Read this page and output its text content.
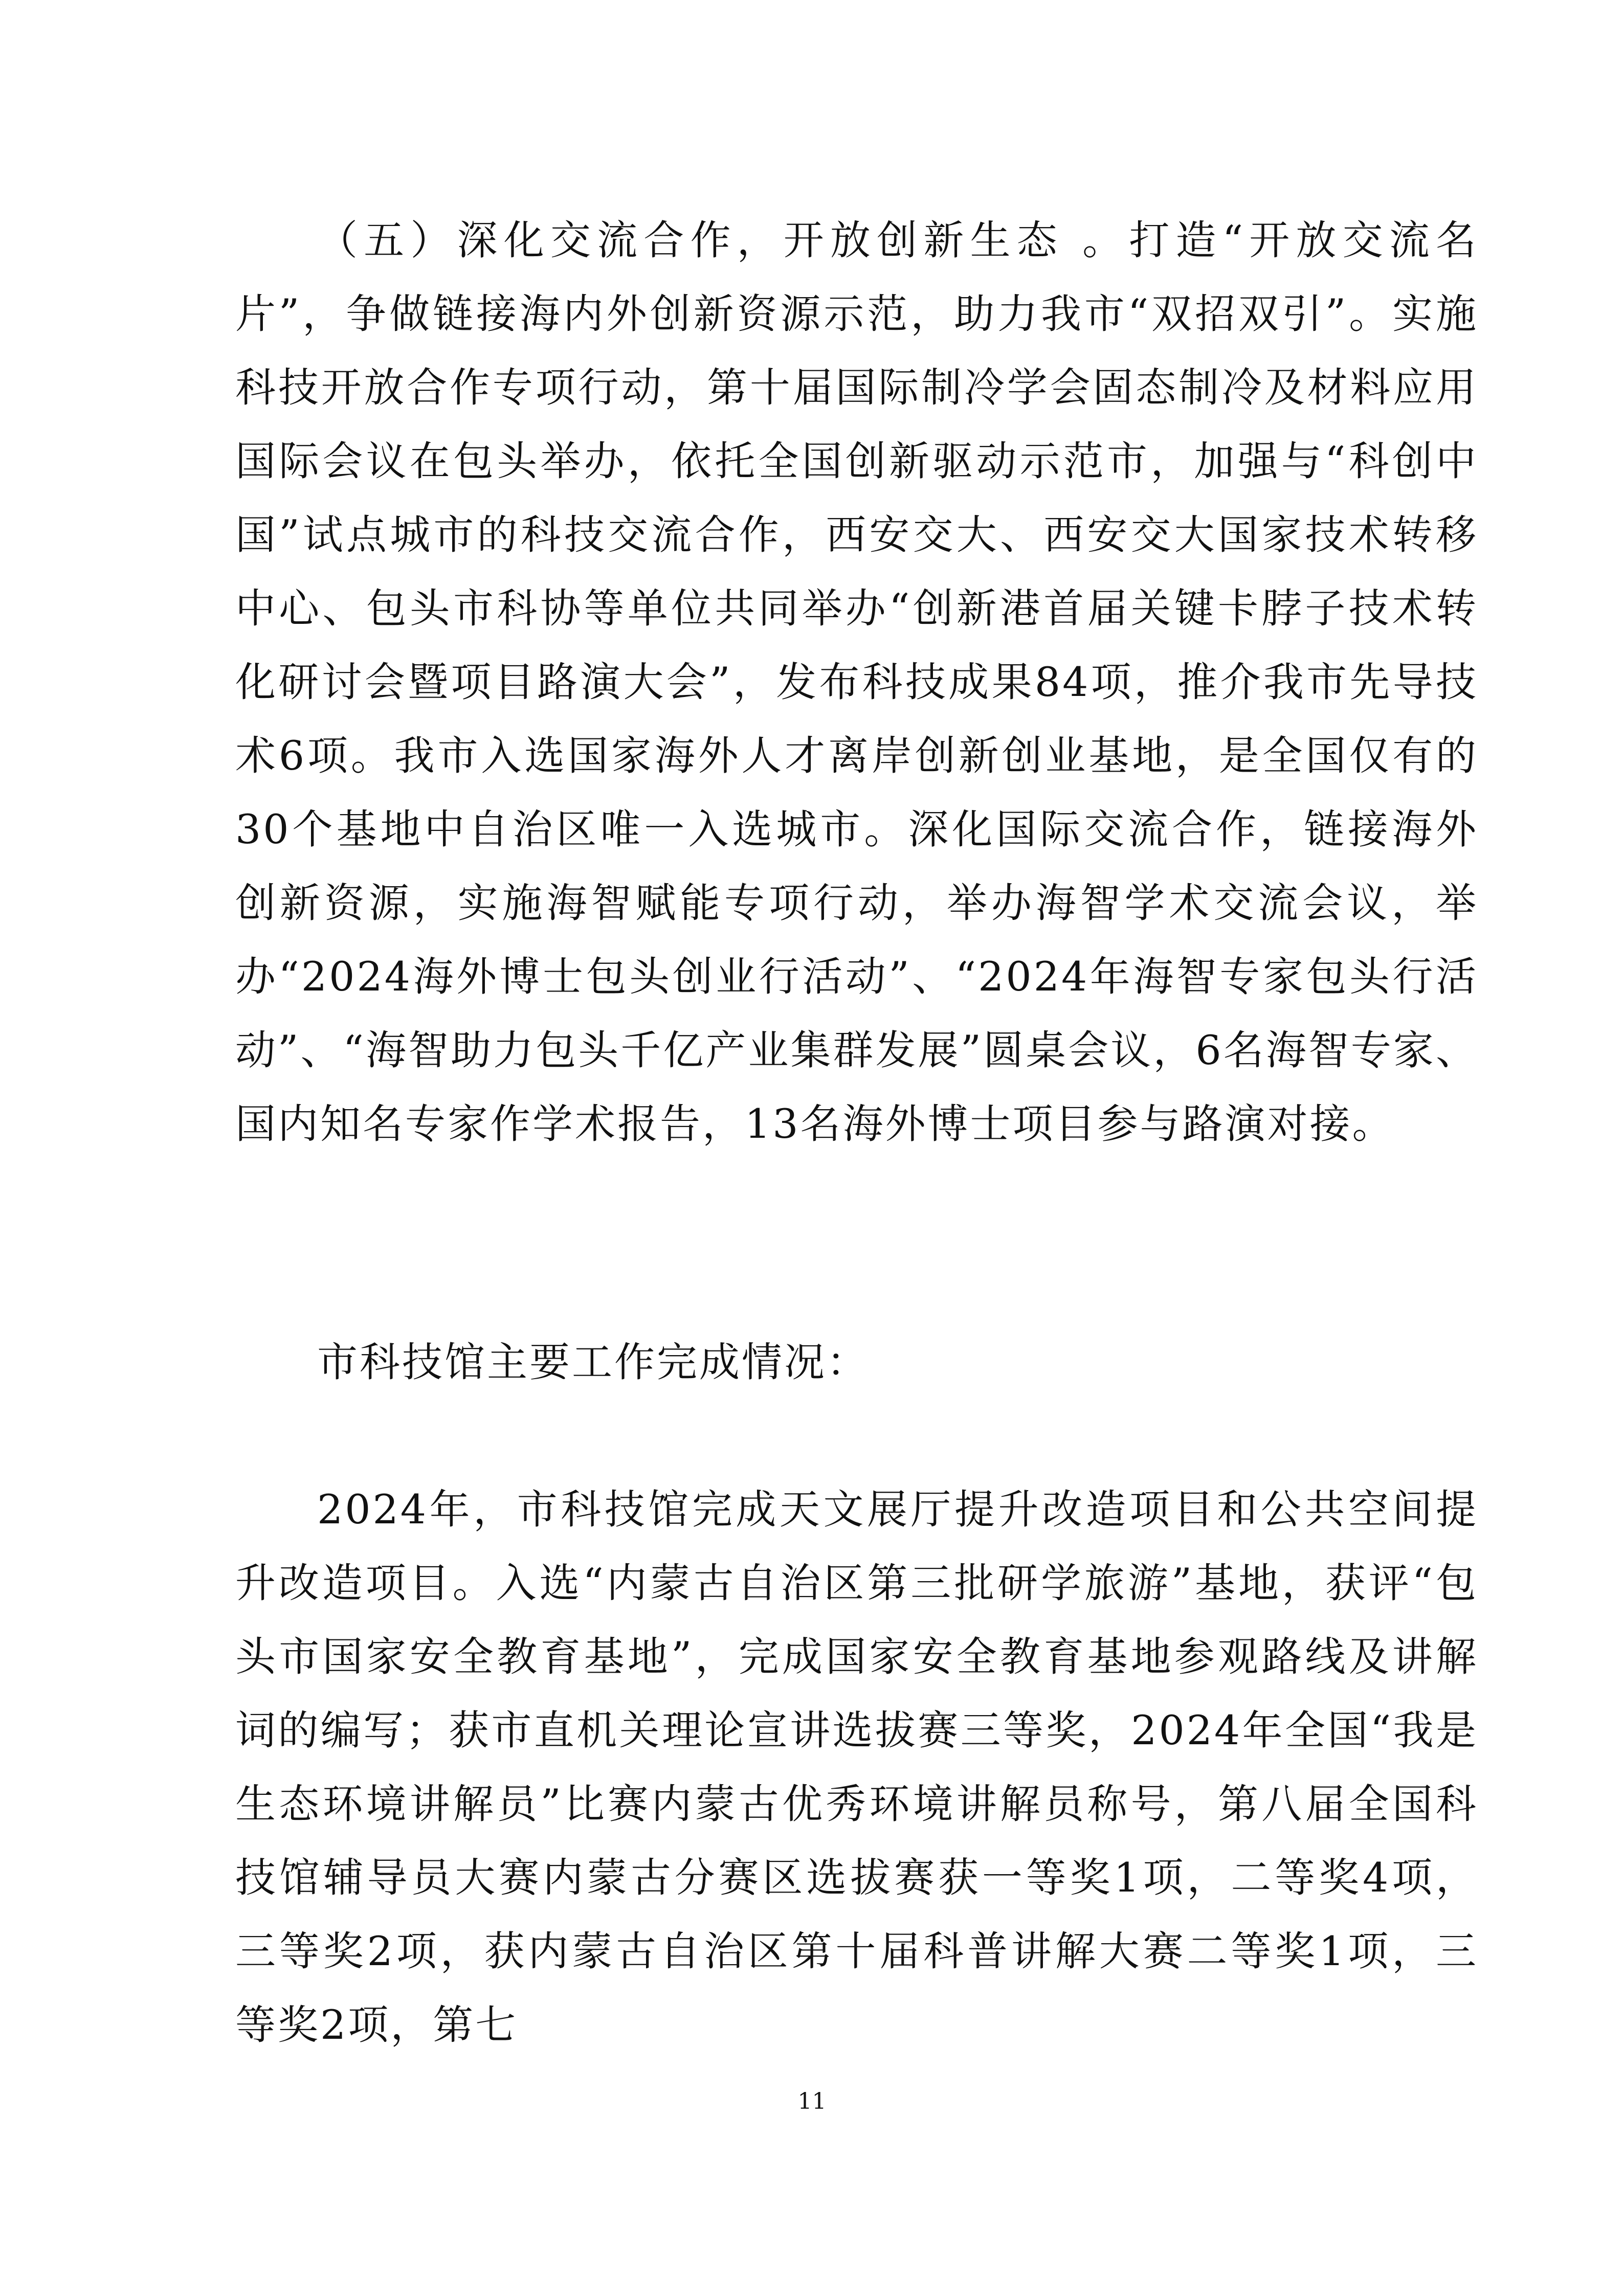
（五）深化交流合作，开放创新生态 。打造“开放交流名片”，争做链接海内外创新资源示范，助力我市“双招双引”。实施科技开放合作专项行动，第十届国际制冷学会固态制冷及材料应用国际会议在包头举办，依托全国创新驱动示范市，加强与“科创中国”试点城市的科技交流合作，西安交大、西安交大国家技术转移中心、包头市科协等单位共同举办“创新港首届关键卡脖子技术转化研讨会暨项目路演大会”，发布科技成果84项，推介我市先导技术6项。我市入选国家海外人才离岸创新创业基地，是全国仅有的30个基地中自治区唯一入选城市。深化国际交流合作，链接海外创新资源，实施海智赋能专项行动，举办海智学术交流会议，举办“2024海外博士包头创业行活动”、“2024年海智专家包头行活动”、“海智助力包头千亿产业集群发展”圆桌会议，6名海智专家、国内知名专家作学术报告，13名海外博士项目参与路演对接。

市科技馆主要工作完成情况：

2024年，市科技馆完成天文展厅提升改造项目和公共空间提升改造项目。入选“内蒙古自治区第三批研学旅游”基地，获评“包头市国家安全教育基地”，完成国家安全教育基地参观路线及讲解词的编写；获市直机关理论宣讲选拔赛三等奖，2024年全国“我是生态环境讲解员”比赛内蒙古优秀环境讲解员称号，第八届全国科技馆辅导员大赛内蒙古分赛区选拔赛获一等奖1项，二等奖4项，三等奖2项，获内蒙古自治区第十届科普讲解大赛二等奖1项，三等奖2项，第七

11
